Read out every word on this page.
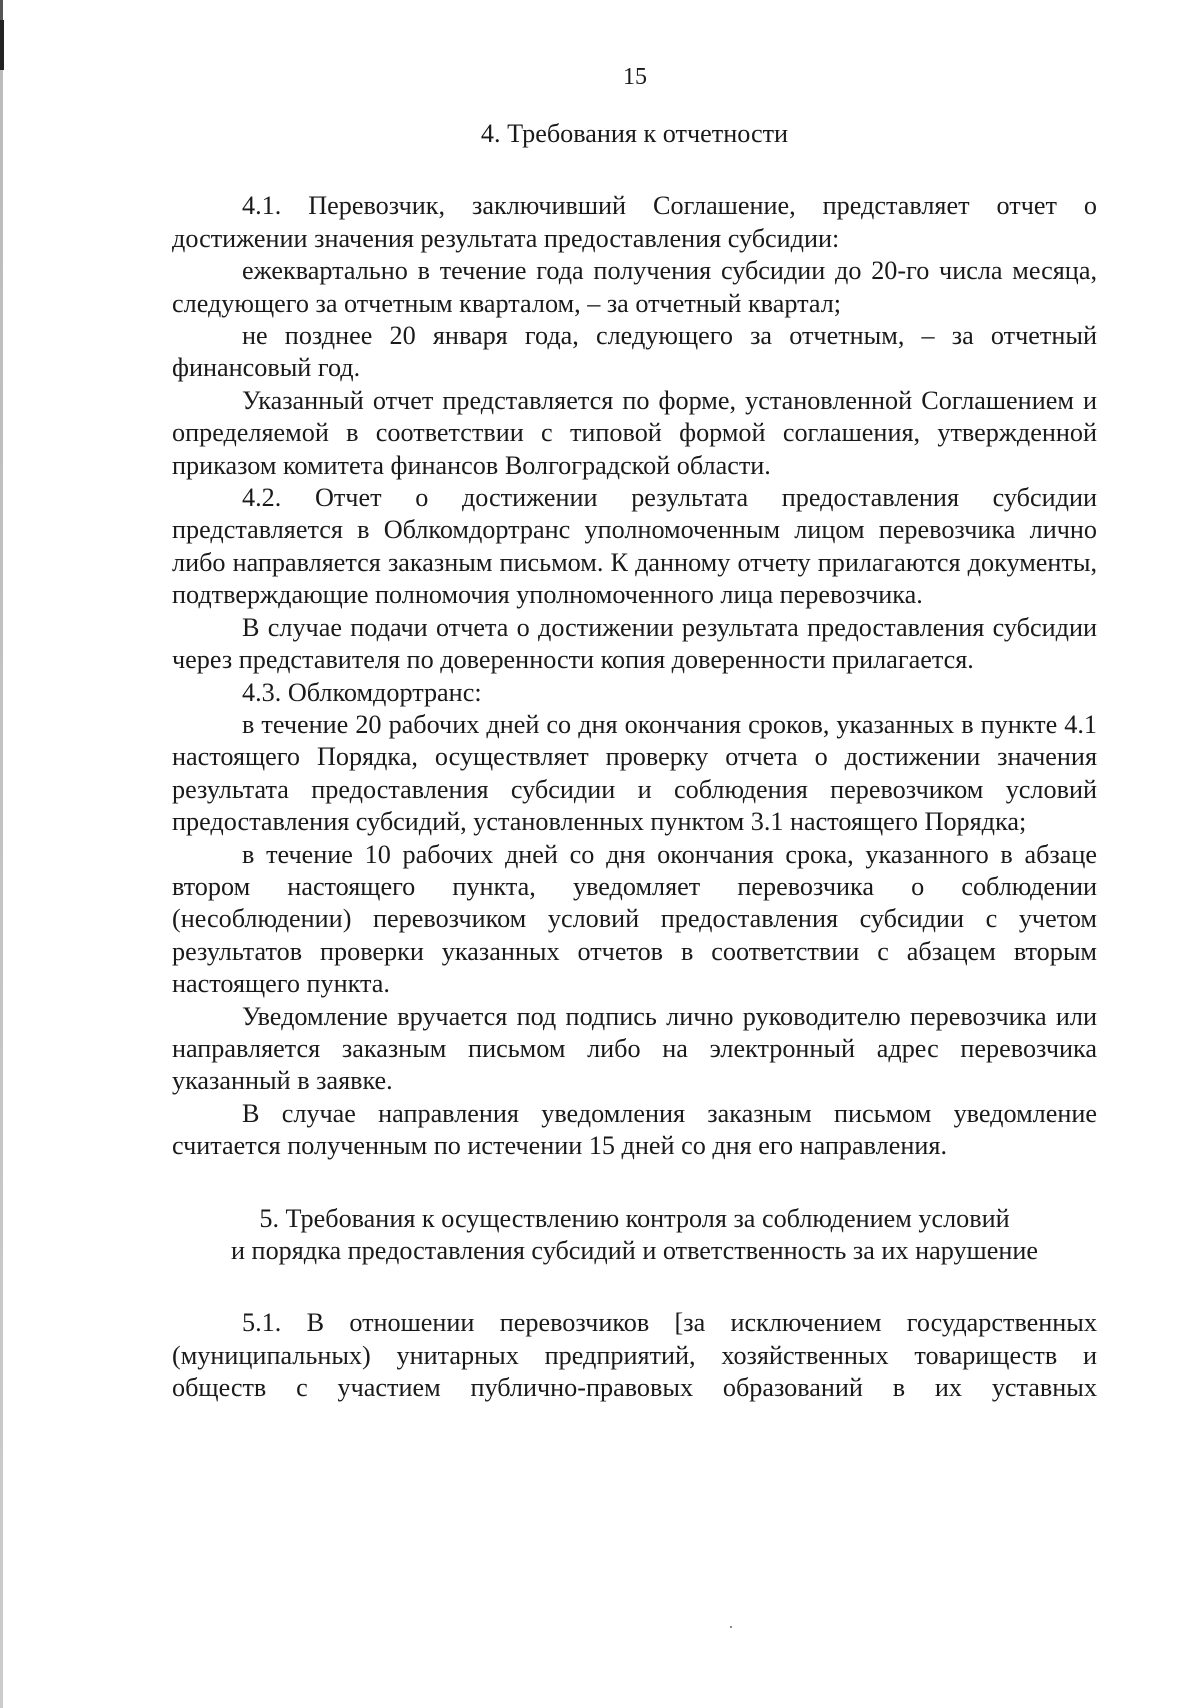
15
4. Требования к отчетности

4.1. Перевозчик, заключивший Соглашение, представляет отчет о достижении значения результата предоставления субсидии:

ежеквартально в течение года получения субсидии до 20-го числа месяца, следующего за отчетным кварталом, – за отчетный квартал;

не позднее 20 января года, следующего за отчетным, – за отчетный финансовый год.

Указанный отчет представляется по форме, установленной Соглашением и определяемой в соответствии с типовой формой соглашения, утвержденной приказом комитета финансов Волгоградской области.

4.2. Отчет о достижении результата предоставления субсидии представляется в Облкомдортранс уполномоченным лицом перевозчика лично либо направляется заказным письмом. К данному отчету прилагаются документы, подтверждающие полномочия уполномоченного лица перевозчика.

В случае подачи отчета о достижении результата предоставления субсидии через представителя по доверенности копия доверенности прилагается.

4.3. Облкомдортранс:

в течение 20 рабочих дней со дня окончания сроков, указанных в пункте 4.1 настоящего Порядка, осуществляет проверку отчета о достижении значения результата предоставления субсидии и соблюдения перевозчиком условий предоставления субсидий, установленных пунктом 3.1 настоящего Порядка;

в течение 10 рабочих дней со дня окончания срока, указанного в абзаце втором настоящего пункта, уведомляет перевозчика о соблюдении (несоблюдении) перевозчиком условий предоставления субсидии с учетом результатов проверки указанных отчетов в соответствии с абзацем вторым настоящего пункта.

Уведомление вручается под подпись лично руководителю перевозчика или направляется заказным письмом либо на электронный адрес перевозчика указанный в заявке.

В случае направления уведомления заказным письмом уведомление считается полученным по истечении 15 дней со дня его направления.

5. Требования к осуществлению контроля за соблюдением условий
и порядка предоставления субсидий и ответственность за их нарушение

5.1. В отношении перевозчиков [за исключением государственных (муниципальных) унитарных предприятий, хозяйственных товариществ и обществ с участием публично-правовых образований в их уставных
